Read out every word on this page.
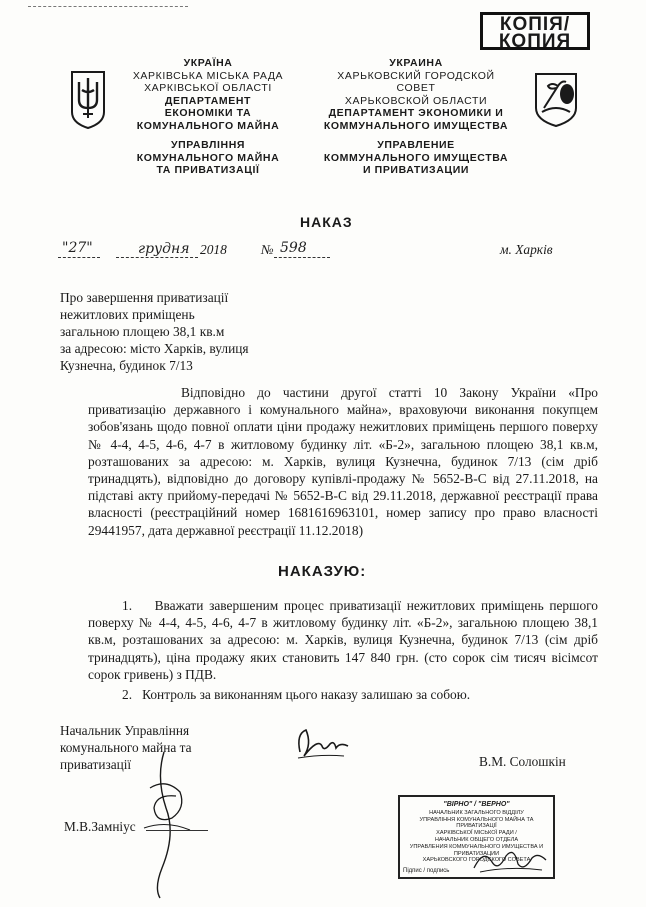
КОПІЯ/
КОПИЯ
УКРАЇНА
ХАРКІВСЬКА МІСЬКА РАДА
ХАРКІВСЬКОЇ ОБЛАСТІ
ДЕПАРТАМЕНТ
ЕКОНОМІКИ ТА
КОМУНАЛЬНОГО МАЙНА
УПРАВЛІННЯ
КОМУНАЛЬНОГО МАЙНА
ТА ПРИВАТИЗАЦІЇ
УКРАИНА
ХАРЬКОВСКИЙ ГОРОДСКОЙ
СОВЕТ
ХАРЬКОВСКОЙ ОБЛАСТИ
ДЕПАРТАМЕНТ ЭКОНОМИКИ И
КОММУНАЛЬНОГО ИМУЩЕСТВА
УПРАВЛЕНИЕ
КОММУНАЛЬНОГО ИМУЩЕСТВА
И ПРИВАТИЗАЦИИ
НАКАЗ
"27"	грудня 2018	№ 598	м. Харків
Про завершення приватизації
нежитлових приміщень
загальною площею 38,1 кв.м
за адресою: місто Харків, вулиця
Кузнечна, будинок 7/13
Відповідно до частини другої статті 10 Закону України «Про приватизацію державного і комунального майна», враховуючи виконання покупцем зобов'язань щодо повної оплати ціни продажу нежитлових приміщень першого поверху № 4-4, 4-5, 4-6, 4-7 в житловому будинку літ. «Б-2», загальною площею 38,1 кв.м, розташованих за адресою: м. Харків, вулиця Кузнечна, будинок 7/13 (сім дріб тринадцять), відповідно до договору купівлі-продажу № 5652-В-С від 27.11.2018, на підставі акту прийому-передачі № 5652-В-С від 29.11.2018, державної реєстрації права власності (реєстраційний номер 1681616963101, номер запису про право власності 29441957, дата державної реєстрації 11.12.2018)
НАКАЗУЮ:
1. Вважати завершеним процес приватизації нежитлових приміщень першого поверху № 4-4, 4-5, 4-6, 4-7 в житловому будинку літ. «Б-2», загальною площею 38,1 кв.м, розташованих за адресою: м. Харків, вулиця Кузнечна, будинок 7/13 (сім дріб тринадцять), ціна продажу яких становить 147 840 грн. (сто сорок сім тисяч вісімсот сорок гривень) з ПДВ.
2. Контроль за виконанням цього наказу залишаю за собою.
Начальник Управління
комунального майна та
приватизації	В.М. Солошкін
М.В.Замніус
"ВІРНО" / "ВЕРНО"
НАЧАЛЬНИК ЗАГАЛЬНОГО ВІДДІЛУ
УПРАВЛІННЯ КОМУНАЛЬНОГО МАЙНА ТА ПРИВАТИЗАЦІЇ
ХАРКІВСЬКОЇ МІСЬКОЇ РАДИ /
НАЧАЛЬНИК ОБЩЕГО ОТДЕЛА
УПРАВЛЕНИЯ КОММУНАЛЬНОГО ИМУЩЕСТВА И ПРИВАТИЗАЦИИ
ХАРЬКОВСКОГО ГОРОДСКОГО СОВЕТА
Підпис / подпись
